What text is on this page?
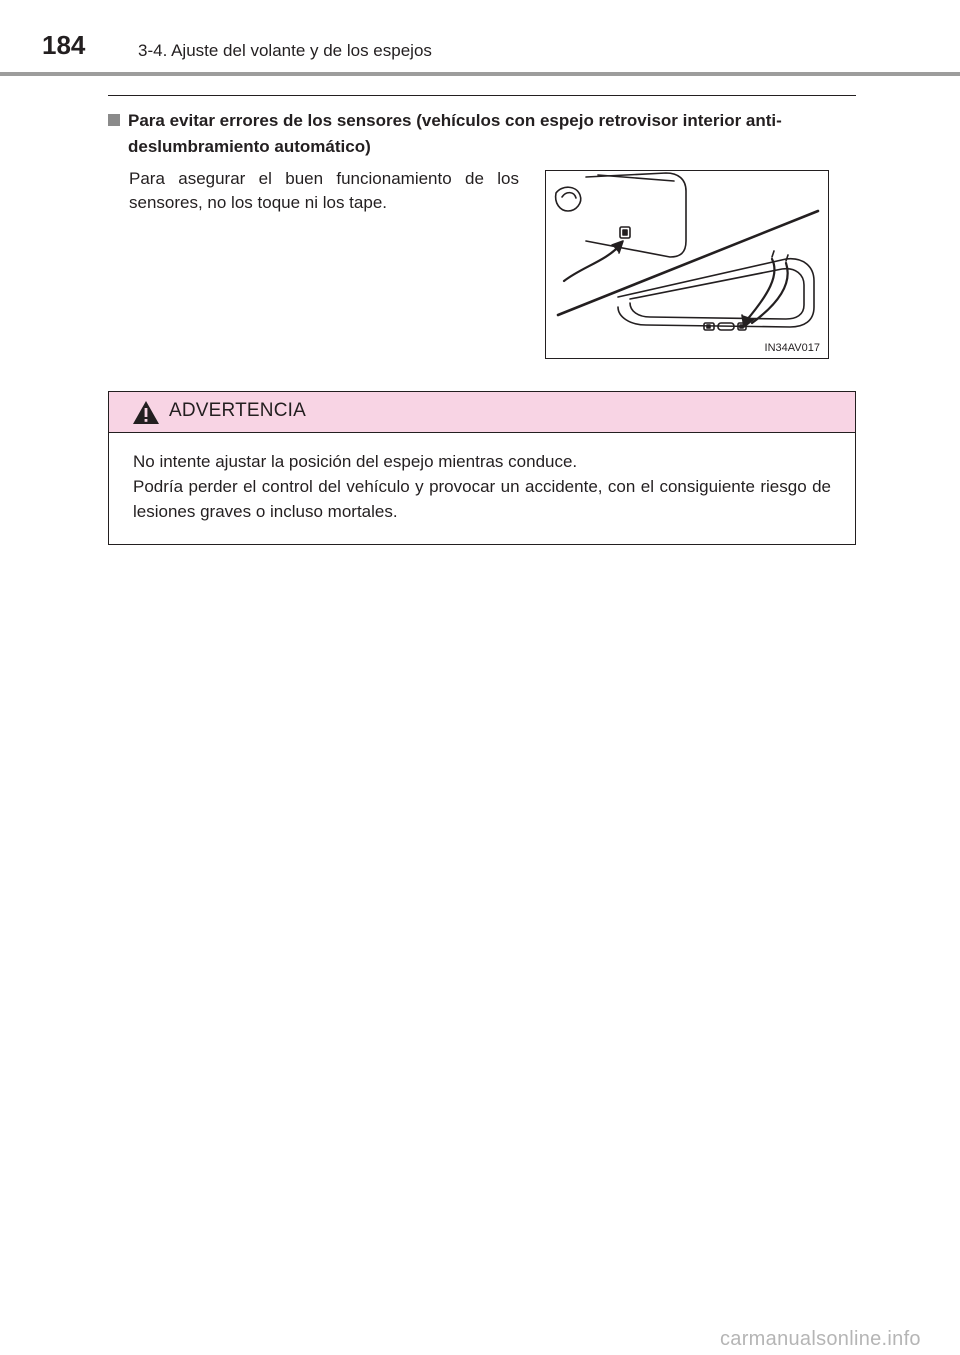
184	3-4. Ajuste del volante y de los espejos
Para evitar errores de los sensores (vehículos con espejo retrovisor interior anti-
deslumbramiento automático)
Para asegurar el buen funcionamiento de los sensores, no los toque ni los tape.
IN34AV017
ADVERTENCIA

No intente ajustar la posición del espejo mientras conduce.

Podría perder el control del vehículo y provocar un accidente, con el consiguiente riesgo de lesiones graves o incluso mortales.

carmanualsonline.info
